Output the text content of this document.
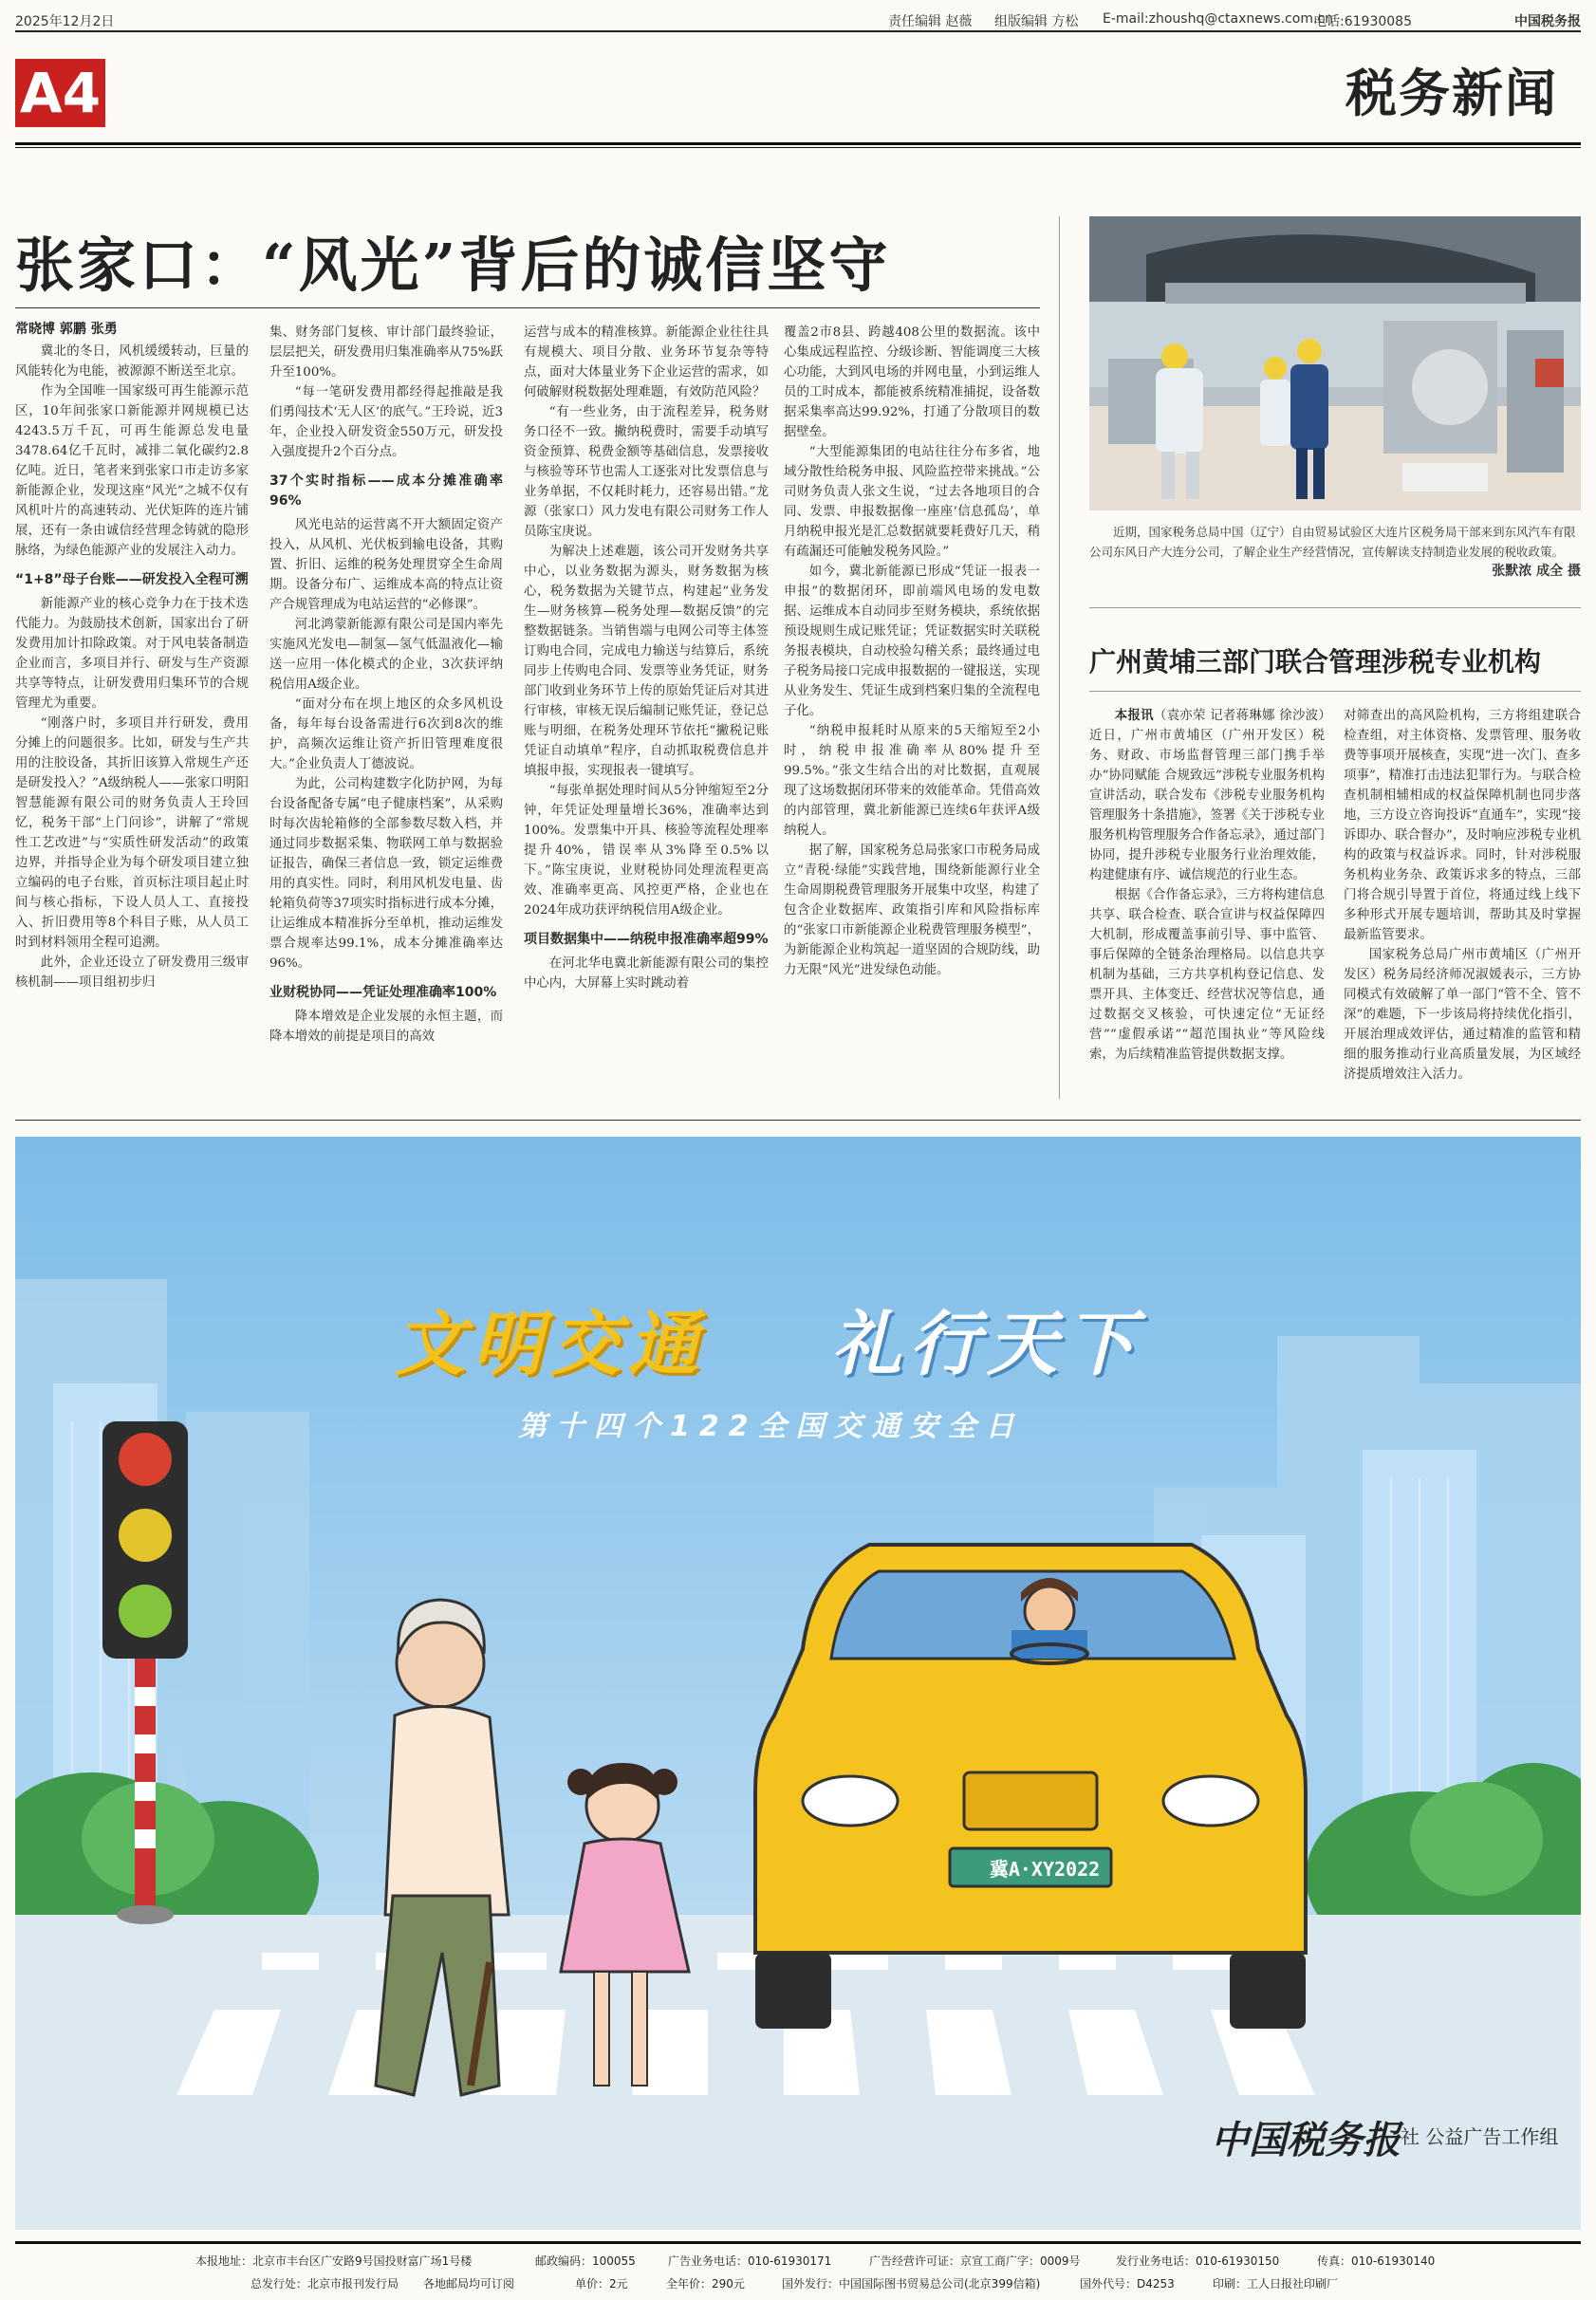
2025年12月2日	责任编辑 赵薇 组版编辑 方松 E-mail:zhoushq@ctaxnews.com.cn
电话:61930085	中国税务报
A4	税务新闻
张家口：“风光”背后的诚信坚守
常晓博 郭鹏 张勇

冀北的冬日，风机缓缓转动，巨量的风能转化为电能，被源源不断送至北京。

作为全国唯一国家级可再生能源示范区，10年间张家口新能源并网规模已达4243.5万千瓦，可再生能源总发电量3478.64亿千瓦时，减排二氧化碳约2.8亿吨。近日，笔者来到张家口市走访多家新能源企业，发现这座“风光”之城不仅有风机叶片的高速转动、光伏矩阵的连片铺展，还有一条由诚信经营理念铸就的隐形脉络，为绿色能源产业的发展注入动力。

“1+8”母子台账——研发投入全程可溯

新能源产业的核心竞争力在于技术迭代能力。为鼓励技术创新，国家出台了研发费用加计扣除政策。对于风电装备制造企业而言，多项目并行、研发与生产资源共享等特点，让研发费用归集环节的合规管理尤为重要。

“刚落户时，多项目并行研发，费用分摊上的问题很多。比如，研发与生产共用的注胶设备，其折旧该算入常规生产还是研发投入？”A级纳税人——张家口明阳智慧能源有限公司的财务负责人王玲回忆，税务干部“上门问诊”，讲解了“常规性工艺改进”与“实质性研发活动”的政策边界，并指导企业为每个研发项目建立独立编码的电子台账，首页标注项目起止时间与核心指标，下设人员人工、直接投入、折旧费用等8个科目子账，从人员工时到材料领用全程可追溯。

此外，企业还设立了研发费用三级审核机制——项目组初步归

集、财务部门复核、审计部门最终验证，层层把关，研发费用归集准确率从75%跃升至100%。

“每一笔研发费用都经得起推敲是我们勇闯技术‘无人区’的底气。”王玲说，近3年，企业投入研发资金550万元，研发投入强度提升2个百分点。

37个实时指标——成本分摊准确率96%

风光电站的运营离不开大额固定资产投入，从风机、光伏板到输电设备，其购置、折旧、运维的税务处理贯穿全生命周期。设备分布广、运维成本高的特点让资产合规管理成为电站运营的“必修课”。

河北鸿蒙新能源有限公司是国内率先实施风光发电—制氢—氢气低温液化—输送一应用一体化模式的企业，3次获评纳税信用A级企业。

“面对分布在坝上地区的众多风机设备，每年每台设备需进行6次到8次的维护，高频次运维让资产折旧管理难度很大。”企业负责人丁德波说。

为此，公司构建数字化防护网，为每台设备配备专属“电子健康档案”，从采购时每次齿轮箱修的全部参数尽数入档，并通过同步数据采集、物联网工单与数据验证报告，确保三者信息一致，锁定运维费用的真实性。同时，利用风机发电量、齿轮箱负荷等37项实时指标进行成本分摊，让运维成本精准拆分至单机，推动运维发票合规率达99.1%，成本分摊准确率达96%。

业财税协同——凭证处理准确率100%

降本增效是企业发展的永恒主题，而降本增效的前提是项目的高效

运营与成本的精准核算。新能源企业往往具有规模大、项目分散、业务环节复杂等特点，面对大体量业务下企业运营的需求，如何破解财税数据处理难题，有效防范风险？

“有一些业务，由于流程差异，税务财务口径不一致。撇纳税费时，需要手动填写资金预算、税费金额等基础信息，发票接收与核验等环节也需人工逐张对比发票信息与业务单据，不仅耗时耗力，还容易出错。”龙源（张家口）风力发电有限公司财务工作人员陈宝庚说。

为解决上述难题，该公司开发财务共享中心，以业务数据为源头，财务数据为核心，税务数据为关键节点，构建起“业务发生—财务核算—税务处理—数据反馈”的完整数据链条。当销售端与电网公司等主体签订购电合同，完成电力输送与结算后，系统同步上传购电合同、发票等业务凭证，财务部门收到业务环节上传的原始凭证后对其进行审核，审核无误后编制记账凭证，登记总账与明细，在税务处理环节依托“撇税记账凭证自动填单”程序，自动抓取税费信息并填报申报，实现报表一键填写。

“每张单据处理时间从5分钟缩短至2分钟，年凭证处理量增长36%，准确率达到100%。发票集中开具、核验等流程处理率提升40%，错误率从3%降至0.5%以下。”陈宝庚说，业财税协同处理流程更高效、准确率更高、风控更严格，企业也在2024年成功获评纳税信用A级企业。

项目数据集中——纳税申报准确率超99%

在河北华电冀北新能源有限公司的集控中心内，大屏幕上实时跳动着

覆盖2市8县、跨越408公里的数据流。该中心集成远程监控、分级诊断、智能调度三大核心功能，大到风电场的并网电量，小到运维人员的工时成本，都能被系统精准捕捉，设备数据采集率高达99.92%，打通了分散项目的数据壁垒。

“大型能源集团的电站往往分布多省，地域分散性给税务申报、风险监控带来挑战。”公司财务负责人张文生说，“过去各地项目的合同、发票、申报数据像一座座‘信息孤岛’，单月纳税申报光是汇总数据就要耗费好几天，稍有疏漏还可能触发税务风险。”

如今，冀北新能源已形成“凭证一报表一申报”的数据闭环，即前端风电场的发电数据、运维成本自动同步至财务模块，系统依据预设规则生成记账凭证；凭证数据实时关联税务报表模块，自动校验勾稽关系；最终通过电子税务局接口完成申报数据的一键报送，实现从业务发生、凭证生成到档案归集的全流程电子化。

“纳税申报耗时从原来的5天缩短至2小时，纳税申报准确率从80%提升至99.5%。”张文生结合出的对比数据，直观展现了这场数据闭环带来的效能革命。凭借高效的内部管理，冀北新能源已连续6年获评A级纳税人。

据了解，国家税务总局张家口市税务局成立“青税·绿能”实践营地，围绕新能源行业全生命周期税费管理服务开展集中攻坚，构建了包含企业数据库、政策指引库和风险指标库的“张家口市新能源企业税费管理服务模型”，为新能源企业构筑起一道坚固的合规防线，助力无限“风光”进发绿色动能。

近期，国家税务总局中国（辽宁）自由贸易试验区大连片区税务局干部来到东风汽车有限公司东风日产大连分公司，了解企业生产经营情况，宣传解读支持制造业发展的税收政策。
张默浓 成全 摄
广州黄埔三部门联合管理涉税专业机构

本报讯（袁亦荣 记者蒋琳娜 徐沙波）近日，广州市黄埔区（广州开发区）税务、财政、市场监督管理三部门携手举办“协同赋能 合规致远”涉税专业服务机构宣讲活动，联合发布《涉税专业服务机构管理服务十条措施》，签署《关于涉税专业服务机构管理服务合作备忘录》，通过部门协同，提升涉税专业服务行业治理效能，构建健康有序、诚信规范的行业生态。

根据《合作备忘录》，三方将构建信息共享、联合检查、联合宣讲与权益保障四大机制，形成覆盖事前引导、事中监管、事后保障的全链条治理格局。以信息共享机制为基础，三方共享机构登记信息、发票开具、主体变迁、经营状况等信息，通过数据交叉核验，可快速定位“无证经营”“虚假承诺”“超范围执业”等风险线索，为后续精准监管提供数据支撑。

对筛查出的高风险机构，三方将组建联合检查组，对主体资格、发票管理、服务收费等事项开展核查，实现“进一次门、查多项事”，精准打击违法犯罪行为。与联合检查机制相辅相成的权益保障机制也同步落地，三方设立咨询投诉“直通车”，实现“接诉即办、联合督办”，及时响应涉税专业机构的政策与权益诉求。同时，针对涉税服务机构业务杂、政策诉求多的特点，三部门将合规引导置于首位，将通过线上线下多种形式开展专题培训，帮助其及时掌握最新监管要求。

国家税务总局广州市黄埔区（广州开发区）税务局经济师况淑媛表示，三方协同模式有效破解了单一部门“管不全、管不深”的难题，下一步该局将持续优化指引，开展治理成效评估，通过精准的监管和精细的服务推动行业高质量发展，为区域经济提质增效注入活力。

文明交通 礼行天下
第十四个122全国交通安全日
冀A·XY2022
中国税务报 社 公益广告工作组
本报地址：北京市丰台区广安路9号国投财富广场1号楼	邮政编码：100055	广告业务电话：010-61930171	广告经营许可证：京宣工商广字：0009号	发行业务电话：010-61930150	传真：010-61930140
总发行处：北京市报刊发行局 各地邮局均可订阅	单价：2元	全年价：290元	国外发行：中国国际图书贸易总公司(北京399信箱)	国外代号：D4253	印刷：工人日报社印刷厂
